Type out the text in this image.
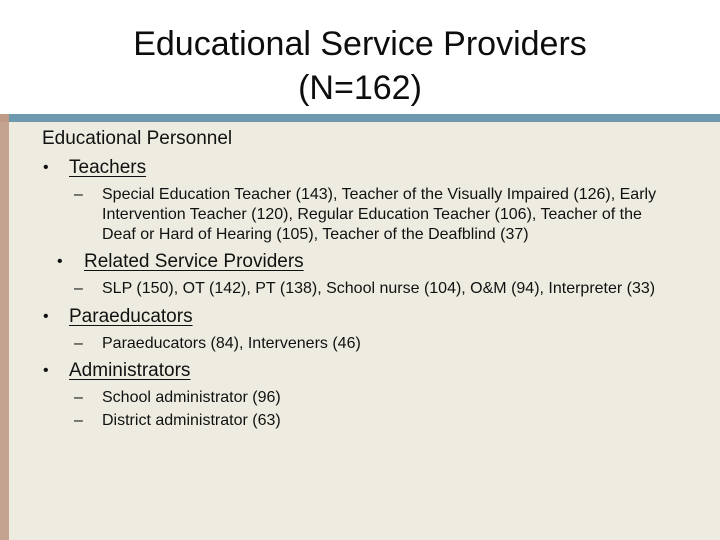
Educational Service Providers
(N=162)

Educational Personnel

• Teachers
– Special Education Teacher (143), Teacher of the Visually Impaired (126), Early Intervention Teacher (120), Regular Education Teacher (106), Teacher of the Deaf or Hard of Hearing (105), Teacher of the Deafblind (37)
• Related Service Providers
– SLP (150), OT (142), PT (138), School nurse (104), O&M (94), Interpreter (33)
• Paraeducators
– Paraeducators (84), Interveners (46)
• Administrators
– School administrator (96)
– District administrator (63)
